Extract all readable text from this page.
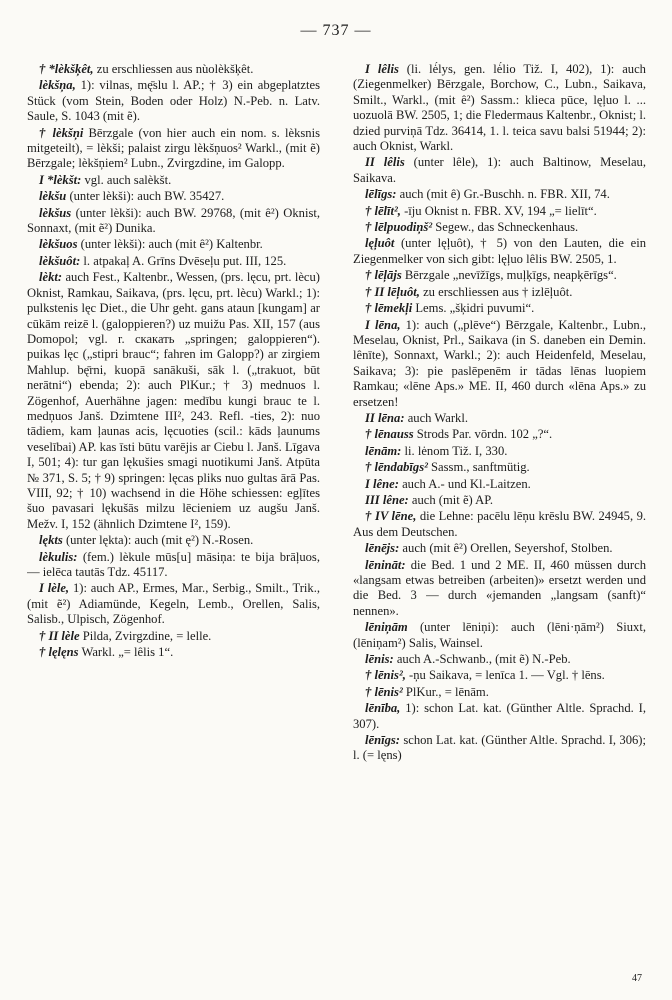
— 737 —

† *lèkšķêt, zu erschliessen aus nùolèkšķêt.

lèkšņa, 1): vilnas, mę̄slu l. AP.; † 3) ein abgeplatztes Stück (vom Stein, Boden oder Holz) N.-Peb. n. Latv. Saule, S. 1043 (mit ẽ).

† lèkšņi Bērzgale (von hier auch ein nom. s. lèksnis mitgeteilt), = lèkši; palaist zirgu lèkšņuos² Warkl., (mit ẽ) Bērzgale; lèkšņiem² Lubn., Zvirgzdine, im Galopp.

I *lèkšt: vgl. auch salèkšt.

lèkšu (unter lèkši): auch BW. 35427.

lèkšus (unter lèkši): auch BW. 29768, (mit ê²) Oknist, Sonnaxt, (mit ẽ²) Dunika.

lèkšuos (unter lèkši): auch (mit ê²) Kaltenbr.

lèkšuôt: l. atpakaļ A. Grīns Dvēseļu put. III, 125.

lèkt: auch Fest., Kaltenbr., Wessen, (prs. lęcu, prt. lècu) Oknist, Ramkau, Saikava, (prs. lęcu, prt. lècu) Warkl.; 1): pulkstenis lęc Diet., die Uhr geht. gans ataun [kungam] ar cūkām reizē l. (galoppieren?) uz muižu Pas. XII, 157 (aus Domopol; vgl. r. скакать „springen; galoppieren“). puikas lęc („stipri brauc“; fahren im Galopp?) ar zirgiem Mahlup. bę̄rni, kuopā sanākuši, sāk l. („trakuot, būt nerātni“) ebenda; 2): auch PlKur.; † 3) mednuos l. Zögenhof, Auerhähne jagen: medību kungi brauc te l. medņuos Janš. Dzimtene III², 243. Refl. -ties, 2): nuo tādiem, kam ļaunas acis, lęcuoties (scil.: kāds ļaunums veselībai) AP. kas īsti būtu varējis ar Ciebu l. Janš. Līgava I, 501; 4): tur gan lękušies smagi nuotikumi Janš. Atpūta № 371, S. 5; † 9) springen: lęcas pliks nuo gultas ārā Pas. VIII, 92; † 10) wachsend in die Höhe schiessen: egļītes šuo pavasari lękušās milzu lēcieniem uz augšu Janš. Mežv. I, 152 (ähnlich Dzimtene I², 159).

lękts (unter lękta): auch (mit ę²) N.-Rosen.

lèkulis: (fem.) lèkule mūs[u] māsiņa: te bija brāļuos, — ielēca tautās Tdz. 45117.

I lèle, 1): auch AP., Ermes, Mar., Serbig., Smilt., Trik., (mit ẽ²) Adiamünde, Kegeln, Lemb., Orellen, Salis, Salisb., Ulpisch, Zögenhof.

† II lèle Pilda, Zvirgzdine, = lelle.

† lęlęns Warkl. „= lêlis 1“.

I lêlis (li. lė́lys, gen. lė́lio Tiž. I, 402), 1): auch (Ziegenmelker) Bērzgale, Borchow, C., Lubn., Saikava, Smilt., Warkl., (mit ê²) Sassm.: klieca pūce, lęļuo l. ... uozuolā BW. 2505, 1; die Fledermaus Kaltenbr., Oknist; l. dzied purviņā Tdz. 36414, 1. l. teica savu balsi 51944; 2): auch Oknist, Warkl.

II lêlis (unter lêle), 1): auch Baltinow, Meselau, Saikava.

lēlīgs: auch (mit ê) Gr.-Buschh. n. FBR. XII, 74.

† lēlīt², -īju Oknist n. FBR. XV, 194 „= lielīt“.

† lēlpuodiņš² Segew., das Schneckenhaus.

lęļuôt (unter lęļuôt), † 5) von den Lauten, die ein Ziegenmelker von sich gibt: lęļuo lêlis BW. 2505, 1.

† lēļājs Bērzgale „nevīžīgs, muļķīgs, neapķērīgs“.

† II lēļuôt, zu erschliessen aus † izlēļuôt.

† lēmekļi Lems. „šķidri puvumi“.

I lēna, 1): auch („plēve“) Bērzgale, Kaltenbr., Lubn., Meselau, Oknist, Prl., Saikava (in S. daneben ein Demin. lênīte), Sonnaxt, Warkl.; 2): auch Heidenfeld, Meselau, Saikava; 3): pie paslēpenēm ir tādas lēnas luopiem Ramkau; «lēne Aps.» ME. II, 460 durch «lēna Aps.» zu ersetzen!

II lēna: auch Warkl.

† lēnauss Strods Par. vōrdn. 102 „?“.

lēnām: li. lėnom Tiž. I, 330.

† lēndabīgs² Sassm., sanftmütig.

I lêne: auch A.- und Kl.-Laitzen.

III lêne: auch (mit ẽ) AP.

† IV lēne, die Lehne: pacēlu lēņu krēslu BW. 24945, 9. Aus dem Deutschen.

lēnējs: auch (mit ê²) Orellen, Seyershof, Stolben.

lēnināt: die Bed. 1 und 2 ME. II, 460 müssen durch «langsam etwas betreiben (arbeiten)» ersetzt werden und die Bed. 3 — durch «jemanden „langsam (sanft)“ nennen».

lēniņām (unter lēniņi): auch (lēni·ņām²) Siuxt, (lēniņam²) Salis, Wainsel.

lēnis: auch A.-Schwanb., (mit ẽ) N.-Peb.

† lēnis², -ņu Saikava, = lenīca 1. — Vgl. † lēns.

† lēnis² PlKur., = lēnām.

lēnība, 1): schon Lat. kat. (Günther Altle. Sprachd. I, 307).

lēnīgs: schon Lat. kat. (Günther Altle. Sprachd. I, 306); l. (= lęns)

47
